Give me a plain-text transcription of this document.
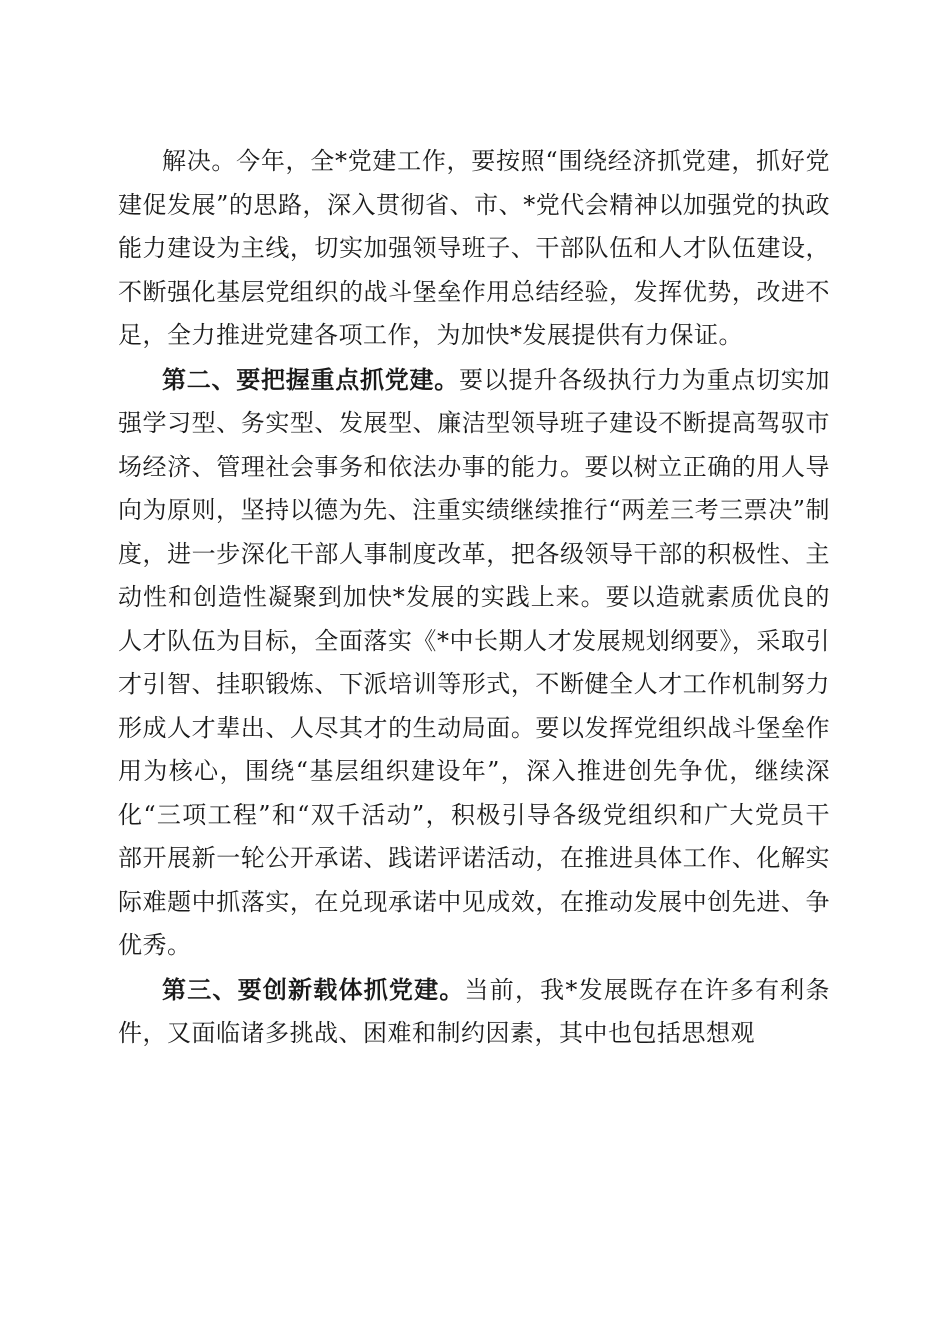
解决。今年，全*党建工作，要按照“围绕经济抓党建，抓好党建促发展”的思路，深入贯彻省、市、*党代会精神以加强党的执政能力建设为主线，切实加强领导班子、干部队伍和人才队伍建设，不断强化基层党组织的战斗堡垒作用总结经验，发挥优势，改进不足，全力推进党建各项工作，为加快*发展提供有力保证。

第二、要把握重点抓党建。要以提升各级执行力为重点切实加强学习型、务实型、发展型、廉洁型领导班子建设不断提高驾驭市场经济、管理社会事务和依法办事的能力。要以树立正确的用人导向为原则，坚持以德为先、注重实绩继续推行“两差三考三票决”制度，进一步深化干部人事制度改革，把各级领导干部的积极性、主动性和创造性凝聚到加快*发展的实践上来。要以造就素质优良的人才队伍为目标，全面落实《*中长期人才发展规划纲要》，采取引才引智、挂职锻炼、下派培训等形式，不断健全人才工作机制努力形成人才辈出、人尽其才的生动局面。要以发挥党组织战斗堡垒作用为核心，围绕“基层组织建设年”，深入推进创先争优，继续深化“三项工程”和“双千活动”，积极引导各级党组织和广大党员干部开展新一轮公开承诺、践诺评诺活动，在推进具体工作、化解实际难题中抓落实，在兑现承诺中见成效，在推动发展中创先进、争优秀。

第三、要创新载体抓党建。当前，我*发展既存在许多有利条件，又面临诸多挑战、困难和制约因素，其中也包括思想观
